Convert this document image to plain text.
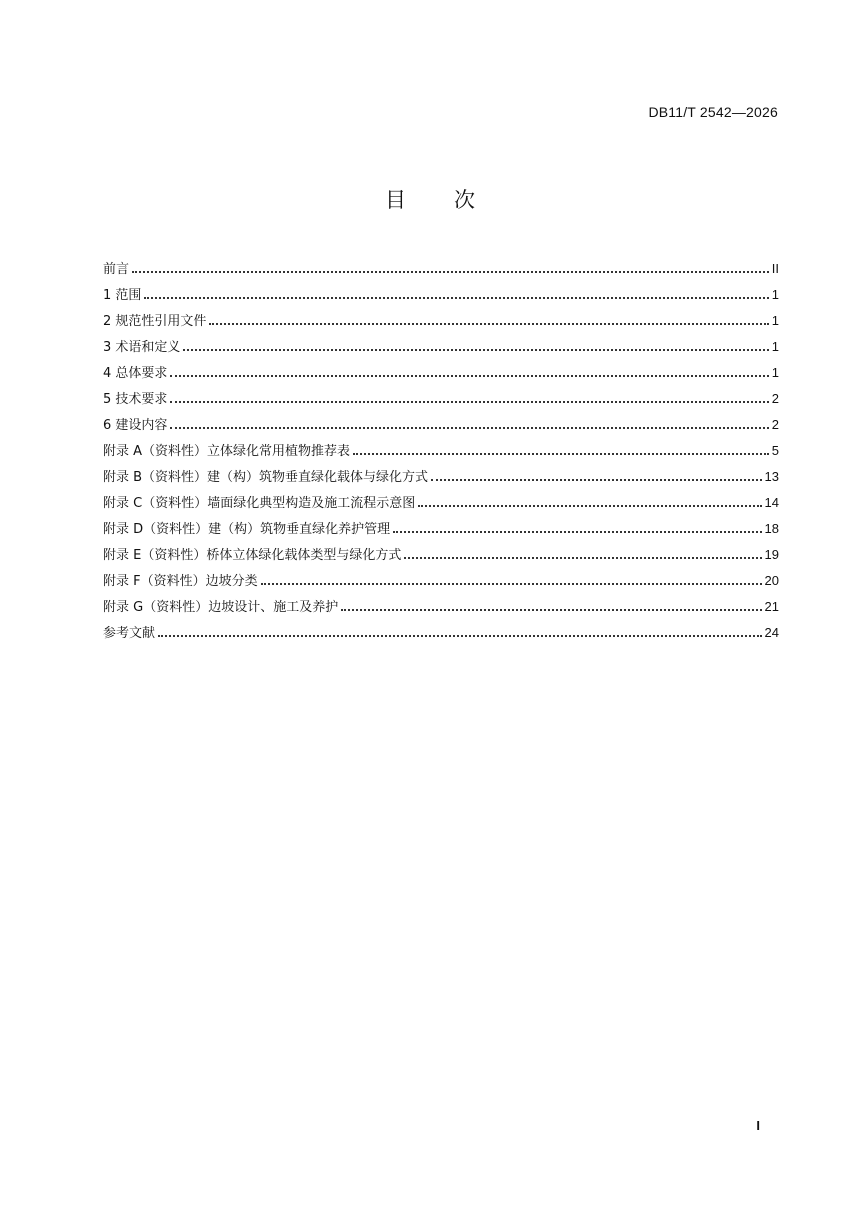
DB11/T 2542—2026
目次
前言	II
1 范围	1
2 规范性引用文件	1
3 术语和定义	1
4 总体要求	1
5 技术要求	2
6 建设内容	2
附录 A（资料性）立体绿化常用植物推荐表	5
附录 B（资料性）建（构）筑物垂直绿化载体与绿化方式	13
附录 C（资料性）墙面绿化典型构造及施工流程示意图	14
附录 D（资料性）建（构）筑物垂直绿化养护管理	18
附录 E（资料性）桥体立体绿化载体类型与绿化方式	19
附录 F（资料性）边坡分类	20
附录 G（资料性）边坡设计、施工及养护	21
参考文献	24
I
